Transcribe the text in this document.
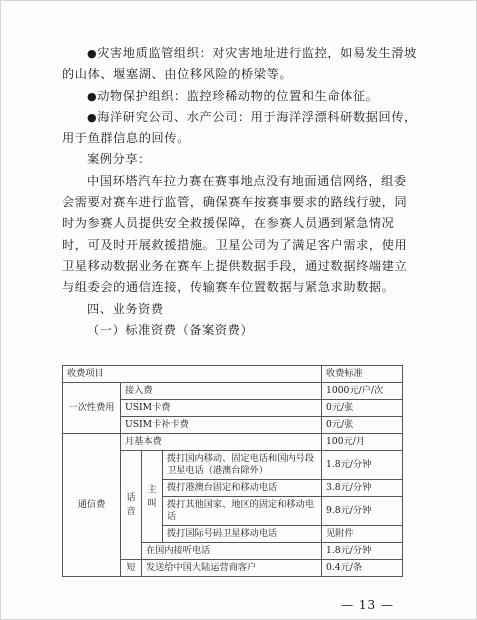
●灾害地质监管组织：对灾害地址进行监控，如易发生滑坡的山体、堰塞湖、由位移风险的桥梁等。

●动物保护组织：监控珍稀动物的位置和生命体征。

●海洋研究公司、水产公司：用于海洋浮漂科研数据回传，用于鱼群信息的回传。

案例分享：

中国环塔汽车拉力赛在赛事地点没有地面通信网络，组委会需要对赛车进行监管，确保赛车按赛事要求的路线行驶，同时为参赛人员提供安全救援保障，在参赛人员遇到紧急情况时，可及时开展救援措施。卫星公司为了满足客户需求，使用卫星移动数据业务在赛车上提供数据手段，通过数据终端建立与组委会的通信连接，传输赛车位置数据与紧急求助数据。

四、业务资费

（一）标准资费（备案资费）

收费项目				收费标准
一次性费用	接入费			1000元/户/次
	USIM卡费			0元/张
	USIM卡补卡费			0元/张
通信费	月基本费			100元/月
	话音	主叫	拨打国内移动、固定电话和国内号段卫星电话（港澳台除外）	1.8元/分钟
			拨打港澳台固定和移动电话	3.8元/分钟
			拨打其他国家、地区的固定和移动电话	9.8元/分钟
			拨打国际号码卫星移动电话	见附件
		在国内接听电话		1.8元/分钟
	短	发送给中国大陆运营商客户		0.4元/条
— 13 —
